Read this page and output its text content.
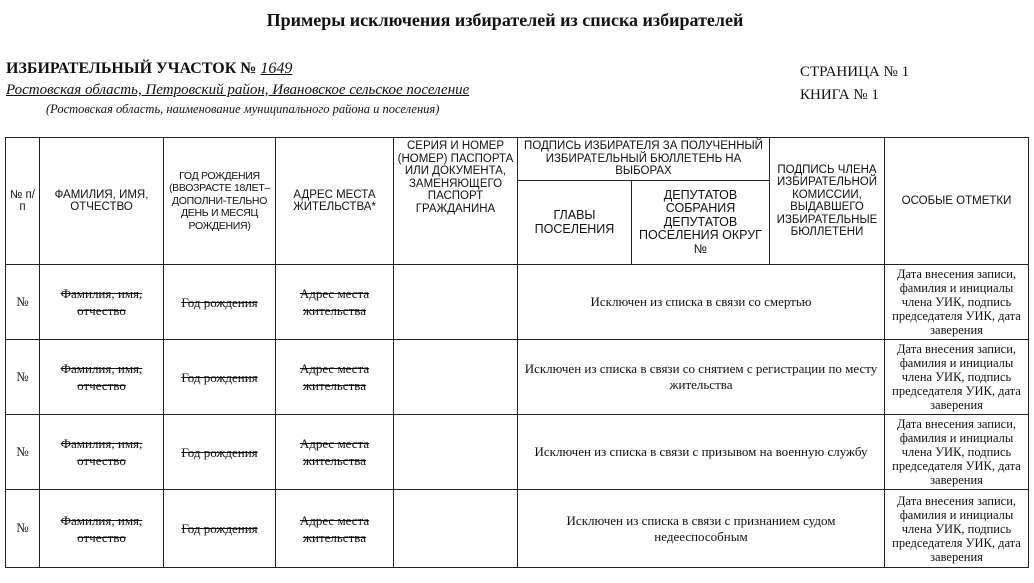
Примеры исключения избирателей из списка избирателей
ИЗБИРАТЕЛЬНЫЙ УЧАСТОК № 1649
Ростовская область, Петровский район, Ивановское сельское поселение
(Ростовская область, наименование муниципального района и поселения)
СТРАНИЦА № 1
КНИГА № 1
№ п/п	ФАМИЛИЯ, ИМЯ, ОТЧЕСТВО	ГОД РОЖДЕНИЯ (ВВОЗРАСТЕ 18ЛЕТ–ДОПОЛНИ-ТЕЛЬНО ДЕНЬ И МЕСЯЦ РОЖДЕНИЯ)	АДРЕС МЕСТА ЖИТЕЛЬСТВА*	СЕРИЯ И НОМЕР (НОМЕР) ПАСПОРТА ИЛИ ДОКУМЕНТА, ЗАМЕНЯЮЩЕГО ПАСПОРТ ГРАЖДАНИНА	ПОДПИСЬ ИЗБИРАТЕЛЯ ЗА ПОЛУЧЕННЫЙ ИЗБИРАТЕЛЬНЫЙ БЮЛЛЕТЕНЬ НА ВЫБОРАХ		ПОДПИСЬ ЧЛЕНА ИЗБИРАТЕЛЬНОЙ КОМИССИИ, ВЫДАВШЕГО ИЗБИРАТЕЛЬНЫЕ БЮЛЛЕТЕНИ	ОСОБЫЕ ОТМЕТКИ
					ГЛАВЫ ПОСЕЛЕНИЯ	ДЕПУТАТОВ СОБРАНИЯ ДЕПУТАТОВ ПОСЕЛЕНИЯ ОКРУГ №		
№	Фамилия, имя, отчество	Год рождения	Адрес места жительства		Исключен из списка в связи со смертью			Дата внесения записи, фамилия и инициалы члена УИК, подпись председателя УИК, дата заверения
№	Фамилия, имя, отчество	Год рождения	Адрес места жительства		Исключен из списка в связи со снятием с регистрации по месту жительства			Дата внесения записи, фамилия и инициалы члена УИК, подпись председателя УИК, дата заверения
№	Фамилия, имя, отчество	Год рождения	Адрес места жительства		Исключен из списка в связи с призывом на военную службу			Дата внесения записи, фамилия и инициалы члена УИК, подпись председателя УИК, дата заверения
№	Фамилия, имя, отчество	Год рождения	Адрес места жительства		Исключен из списка в связи с признанием судом недееспособным			Дата внесения записи, фамилия и инициалы члена УИК, подпись председателя УИК, дата заверения
